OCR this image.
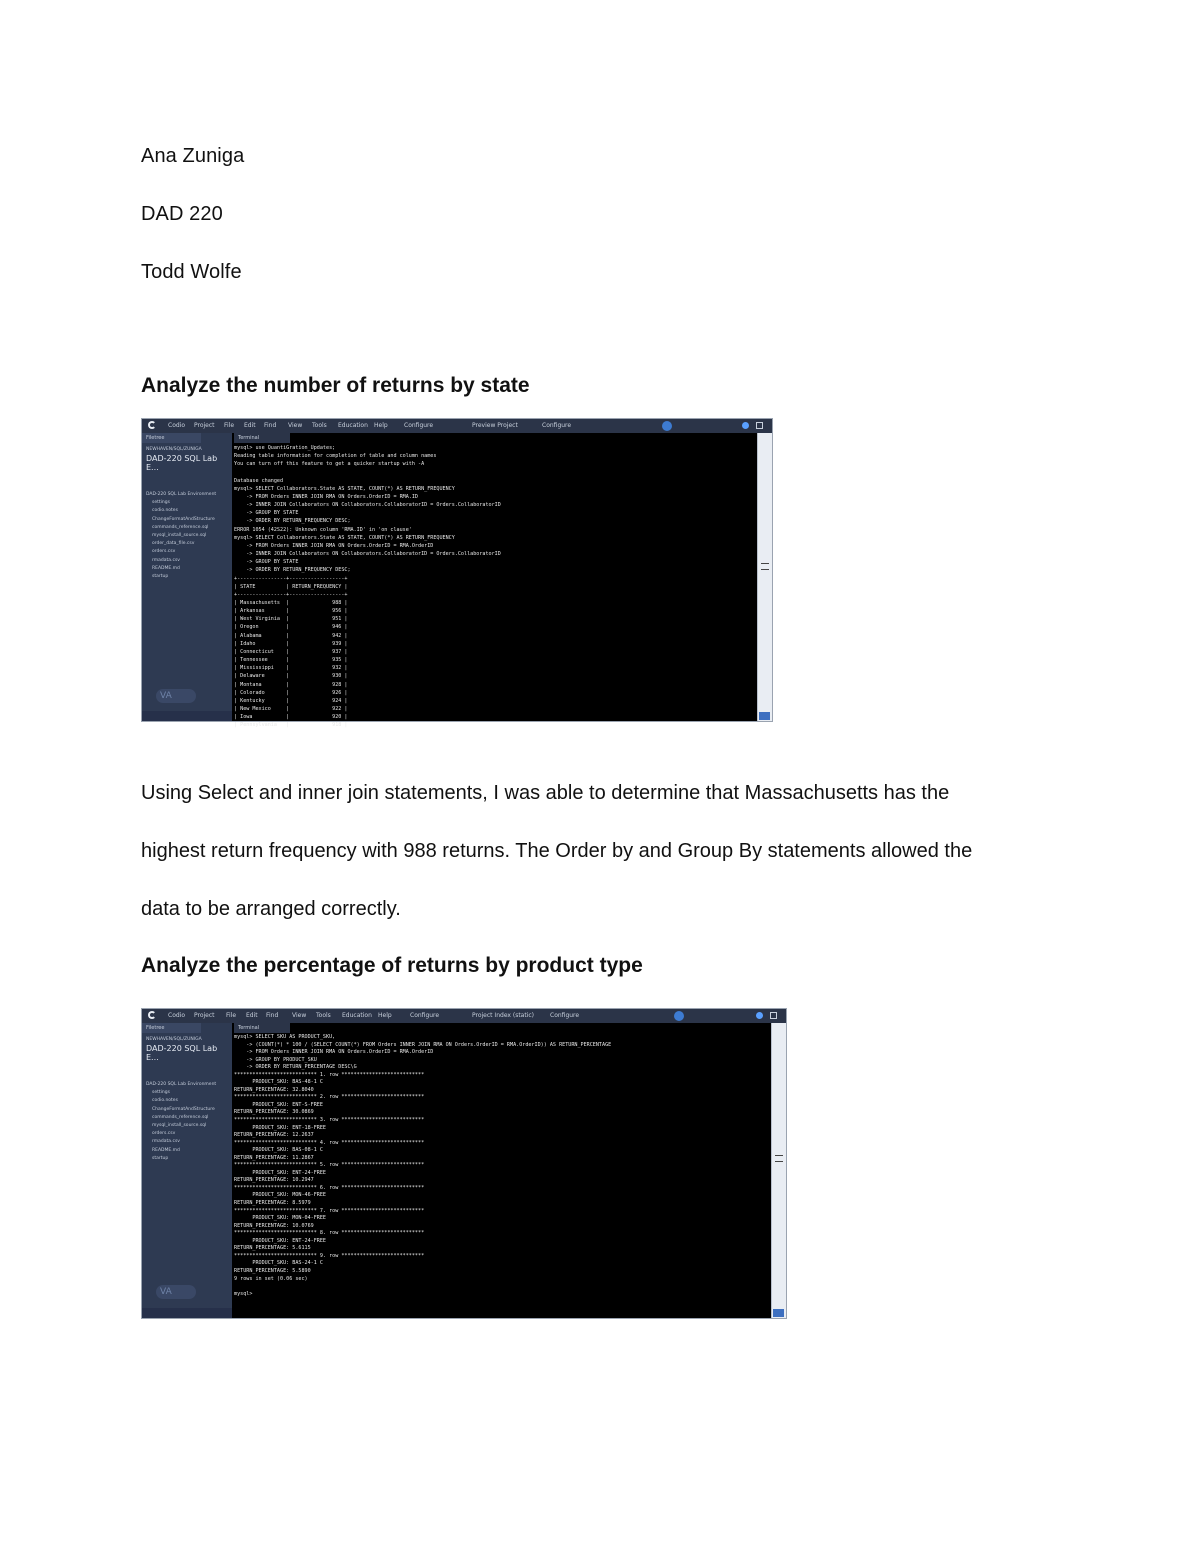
Ana Zuniga
DAD 220
Todd Wolfe
Analyze the number of returns by state
Codio Project File Edit Find View Tools Education Help	Configure	Preview Project	Configure
Filetree
NEWHAVEN/SQL/ZUNIGA
DAD-220 SQL Lab E...
DAD-220 SQL Lab Environment
settings
codio.notes
ChangeFormatAndStructure
commands_reference.sql
mysql_install_source.sql
order_data_file.csv
orders.csv
rmadata.csv
README.md
startup
VA
Terminal
mysql> use QuantiGration_Updates;
Reading table information for completion of table and column names
You can turn off this feature to get a quicker startup with -A

Database changed
mysql> SELECT Collaborators.State AS STATE, COUNT(*) AS RETURN_FREQUENCY
-> FROM Orders INNER JOIN RMA ON Orders.OrderID = RMA.ID
-> INNER JOIN Collaborators ON Collaborators.CollaboratorID = Orders.CollaboratorID
-> GROUP BY STATE
-> ORDER BY RETURN_FREQUENCY DESC;
ERROR 1054 (42S22): Unknown column 'RMA.ID' in 'on clause'
mysql> SELECT Collaborators.State AS STATE, COUNT(*) AS RETURN_FREQUENCY
-> FROM Orders INNER JOIN RMA ON Orders.OrderID = RMA.OrderID
-> INNER JOIN Collaborators ON Collaborators.CollaboratorID = Orders.CollaboratorID
-> GROUP BY STATE
-> ORDER BY RETURN_FREQUENCY DESC;
+----------------+------------------+
| STATE          | RETURN_FREQUENCY |
+----------------+------------------+
| Massachusetts  |              988 |
| Arkansas       |              956 |
| West Virginia  |              951 |
| Oregon         |              946 |
| Alabama        |              942 |
| Idaho          |              939 |
| Connecticut    |              937 |
| Tennessee      |              935 |
| Mississippi    |              932 |
| Delaware       |              930 |
| Montana        |              928 |
| Colorado       |              926 |
| Kentucky       |              924 |
| New Mexico     |              922 |
| Iowa           |              920 |
| Pennsylvania   |              918 |
Using Select and inner join statements, I was able to determine that Massachusetts has the
highest return frequency with 988 returns. The Order by and Group By statements allowed the
data to be arranged correctly.
Analyze the percentage of returns by product type
Codio Project File Edit Find View Tools Education Help	Configure	Project Index (static)	Configure
Filetree
NEWHAVEN/SQL/ZUNIGA
DAD-220 SQL Lab E...
DAD-220 SQL Lab Environment
settings
codio.notes
ChangeFormatAndStructure
commands_reference.sql
mysql_install_source.sql
orders.csv
rmadata.csv
README.md
startup
VA
Terminal
mysql> SELECT SKU AS PRODUCT_SKU,
-> (COUNT(*) * 100 / (SELECT COUNT(*) FROM Orders INNER JOIN RMA ON Orders.OrderID = RMA.OrderID)) AS RETURN_PERCENTAGE
-> FROM Orders INNER JOIN RMA ON Orders.OrderID = RMA.OrderID
-> GROUP BY PRODUCT_SKU
-> ORDER BY RETURN_PERCENTAGE DESC\G
*************************** 1. row ***************************
PRODUCT_SKU: BAS-48-1 C
RETURN_PERCENTAGE: 32.8040
*************************** 2. row ***************************
PRODUCT_SKU: ENT-S-FREE
RETURN_PERCENTAGE: 30.0869
*************************** 3. row ***************************
PRODUCT_SKU: ENT-18-FREE
RETURN_PERCENTAGE: 12.2637
*************************** 4. row ***************************
PRODUCT_SKU: BAS-08-1 C
RETURN_PERCENTAGE: 11.2867
*************************** 5. row ***************************
PRODUCT_SKU: ENT-24-FREE
RETURN_PERCENTAGE: 10.2947
*************************** 6. row ***************************
PRODUCT_SKU: MON-46-FREE
RETURN_PERCENTAGE: 8.5979
*************************** 7. row ***************************
PRODUCT_SKU: MON-04-FREE
RETURN_PERCENTAGE: 10.0769
*************************** 8. row ***************************
PRODUCT_SKU: ENT-24-FREE
RETURN_PERCENTAGE: 5.6115
*************************** 9. row ***************************
PRODUCT_SKU: BAS-24-1 C
RETURN_PERCENTAGE: 5.5890
9 rows in set (0.06 sec)

mysql>
